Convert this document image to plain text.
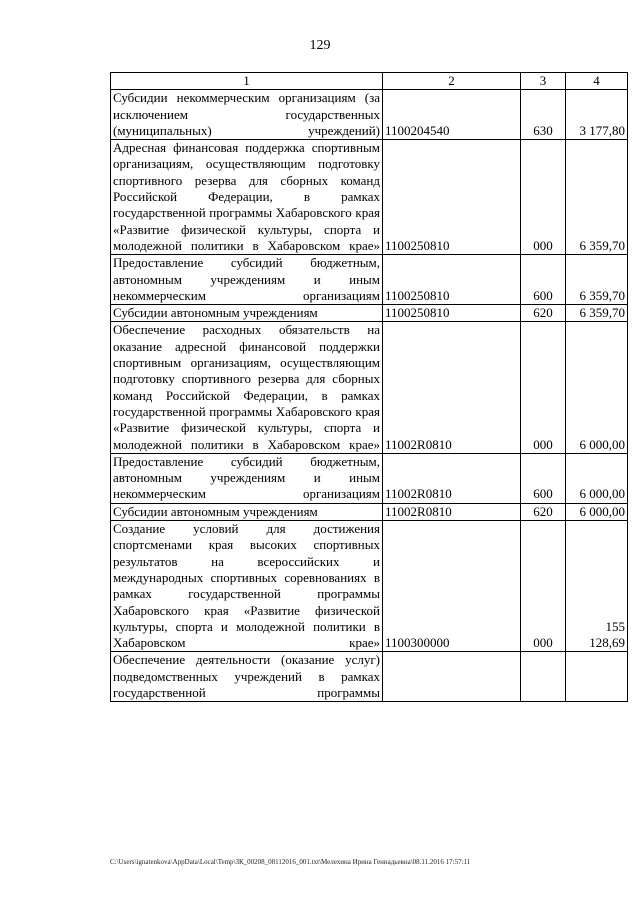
129
1	2	3	4
Субсидии некоммерческим организациям (за исключением государственных (муниципальных) учреждений)	1100204540	630	3 177,80
Адресная финансовая поддержка спортивным организациям, осуществляющим подготовку спортивного резерва для сборных команд Российской Федерации, в рамках государственной программы Хабаровского края «Развитие физической культуры, спорта и молодежной политики в Хабаровском крае»	1100250810	000	6 359,70
Предоставление субсидий бюджетным, автономным учреждениям и иным некоммерческим организациям	1100250810	600	6 359,70
Субсидии автономным учреждениям	1100250810	620	6 359,70
Обеспечение расходных обязательств на оказание адресной финансовой поддержки спортивным организациям, осуществляющим подготовку спортивного резерва для сборных команд Российской Федерации, в рамках государственной программы Хабаровского края «Развитие физической культуры, спорта и молодежной политики в Хабаровском крае»	11002R0810	000	6 000,00
Предоставление субсидий бюджетным, автономным учреждениям и иным некоммерческим организациям	11002R0810	600	6 000,00
Субсидии автономным учреждениям	11002R0810	620	6 000,00
Создание условий для достижения спортсменами края высоких спортивных результатов на всероссийских и международных спортивных соревнованиях в рамках государственной программы Хабаровского края «Развитие физической культуры, спорта и молодежной политики в Хабаровском крае»	1100300000	000	155 128,69
Обеспечение деятельности (оказание услуг) подведомственных учреждений в рамках государственной программы			
C:\Users\ignatenkova\AppData\Local\Temp\ЗК_00208_08112016_001.txt\Мелехина Ирина Геннадьевна\08.11.2016 17:57:11
